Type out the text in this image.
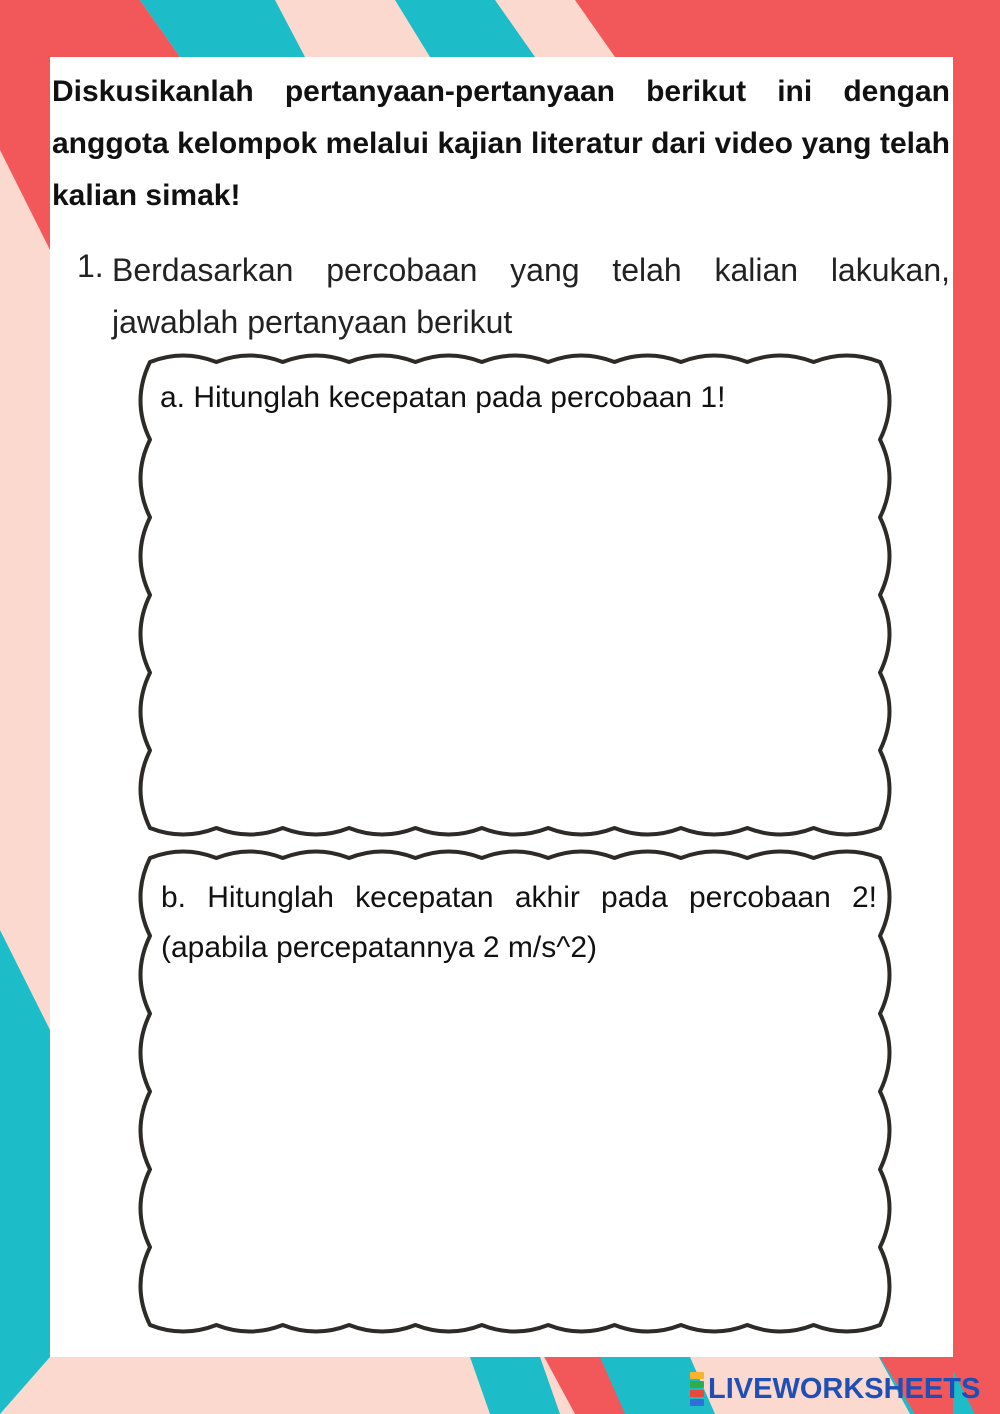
Diskusikanlah pertanyaan-pertanyaan berikut ini dengan anggota kelompok melalui kajian literatur dari video yang telah kalian simak!

1. Berdasarkan percobaan yang telah kalian lakukan, jawablah pertanyaan berikut

a. Hitunglah kecepatan pada percobaan 1!

b. Hitunglah kecepatan akhir pada percobaan 2! (apabila percepatannya 2 m/s^2)

LIVEWORKSHEETS
